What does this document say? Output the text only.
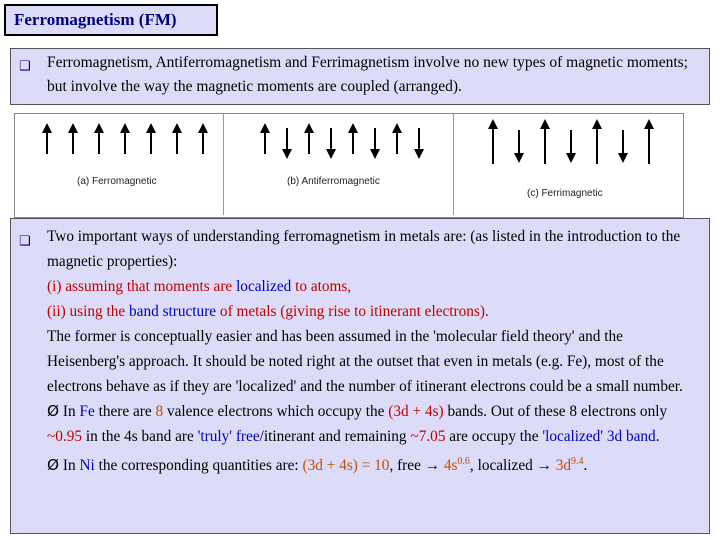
Ferromagnetism (FM)
❑ Ferromagnetism, Antiferromagnetism and Ferrimagnetism involve no new types of magnetic moments; but involve the way the magnetic moments are coupled (arranged).
(a) Ferromagnetic	(b) Antiferromagnetic
(c) Ferrimagnetic
❑ Two important ways of understanding ferromagnetism in metals are: (as listed in the introduction to the magnetic properties):
(i) assuming that moments are localized to atoms,
(ii) using the band structure of metals (giving rise to itinerant electrons).
The former is conceptually easier and has been assumed in the 'molecular field theory' and the Heisenberg's approach. It should be noted right at the outset that even in metals (e.g. Fe), most of the electrons behave as if they are 'localized' and the number of itinerant electrons could be a small number.
Ø In Fe there are 8 valence electrons which occupy the (3d + 4s) bands. Out of these 8 electrons only ~0.95 in the 4s band are 'truly' free/itinerant and remaining ~7.05 are occupy the 'localized' 3d band.
Ø In Ni the corresponding quantities are: (3d + 4s) = 10, free → $4s^{0.6}$, localized → $3d^{9.4}$.
